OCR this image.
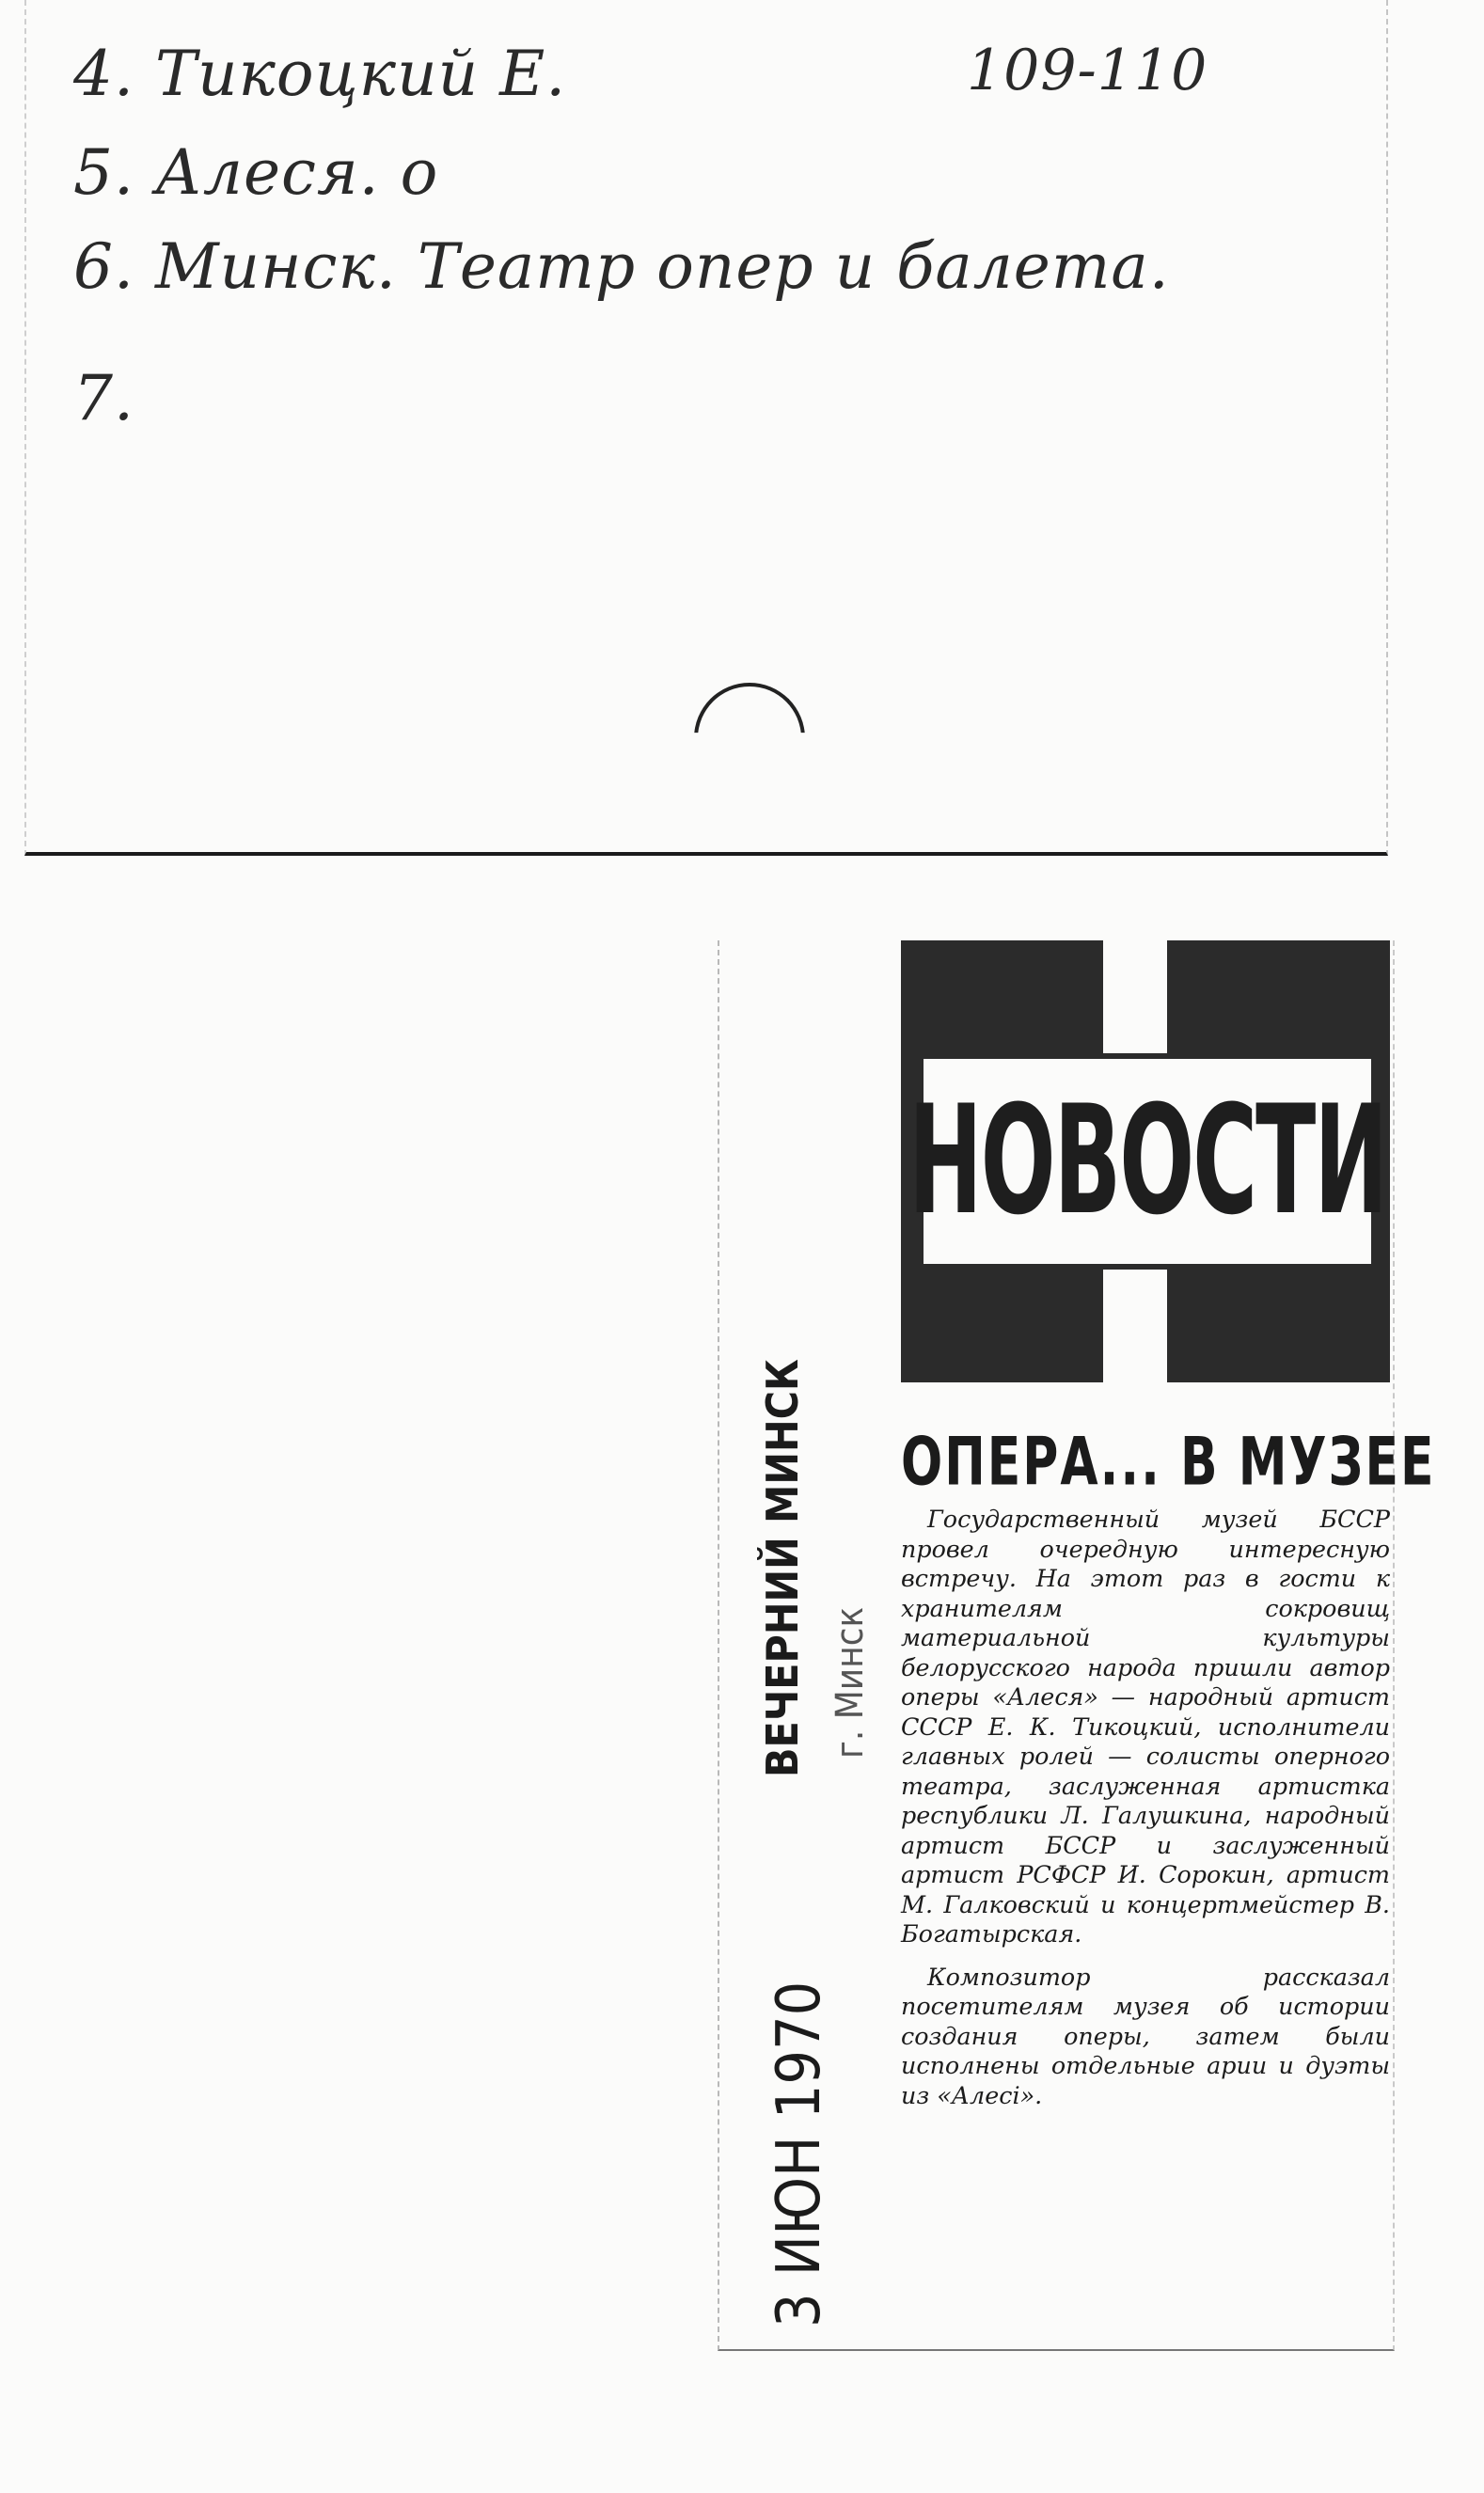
4. Тикоцкий Е.	109-110
5. Алеся. о
6. Минск. Театр опер и балета.
7.
НОВОСТИ
ВЕЧЕРНИЙ МИНСК г. Минск
3 ИЮН 1970
ОПЕРА... В МУЗЕЕ

Государственный музей БССР провел очередную интересную встречу. На этот раз в гости к хранителям сокровищ материальной культуры белорусского народа пришли автор оперы «Алеся» — народный артист СССР Е. К. Тикоцкий, исполнители главных ролей — солисты оперного театра, заслуженная артистка республики Л. Галушкина, народный артист БССР и заслуженный артист РСФСР И. Сорокин, артист М. Галковский и концертмейстер В. Богатырская.

Композитор рассказал посетителям музея об истории создания оперы, затем были исполнены отдельные арии и дуэты из «Алесі».
